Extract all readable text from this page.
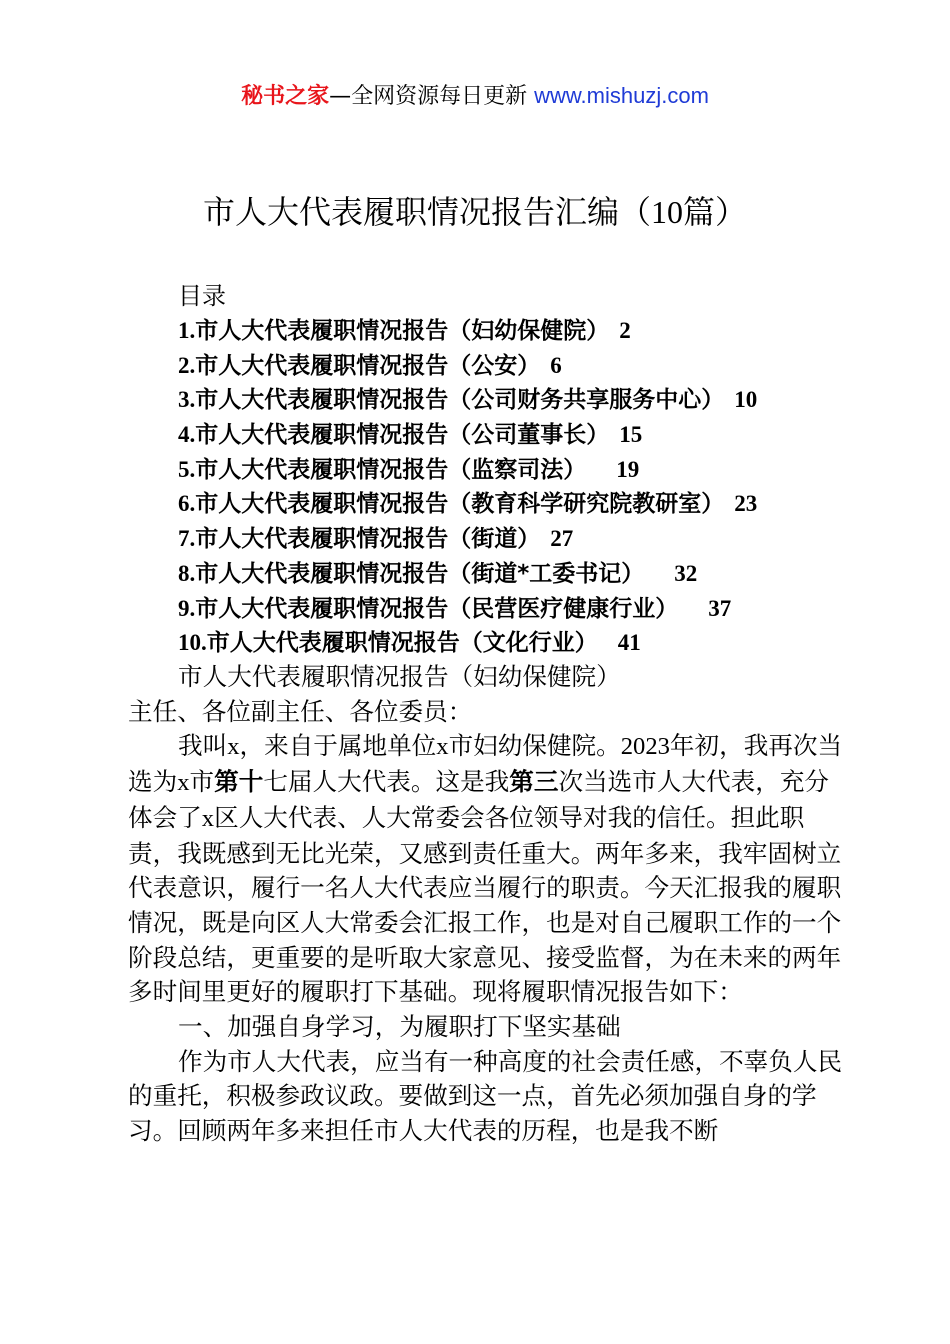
秘书之家—全网资源每日更新 www.mishuzj.com
市人大代表履职情况报告汇编（10篇）
目录
1.市人大代表履职情况报告（妇幼保健院） 2
2.市人大代表履职情况报告（公安） 6
3.市人大代表履职情况报告（公司财务共享服务中心） 10
4.市人大代表履职情况报告（公司董事长） 15
5.市人大代表履职情况报告（监察司法） 19
6.市人大代表履职情况报告（教育科学研究院教研室） 23
7.市人大代表履职情况报告（街道） 27
8.市人大代表履职情况报告（街道*工委书记） 32
9.市人大代表履职情况报告（民营医疗健康行业） 37
10.市人大代表履职情况报告（文化行业） 41

市人大代表履职情况报告（妇幼保健院）

主任、各位副主任、各位委员：

我叫x，来自于属地单位x市妇幼保健院。2023年初，我再次当选为x市第十七届人大代表。这是我第三次当选市人大代表，充分体会了x区人大代表、人大常委会各位领导对我的信任。担此职责，我既感到无比光荣，又感到责任重大。两年多来，我牢固树立代表意识，履行一名人大代表应当履行的职责。今天汇报我的履职情况，既是向区人大常委会汇报工作，也是对自己履职工作的一个阶段总结，更重要的是听取大家意见、接受监督，为在未来的两年多时间里更好的履职打下基础。现将履职情况报告如下：

一、加强自身学习，为履职打下坚实基础

作为市人大代表，应当有一种高度的社会责任感，不辜负人民的重托，积极参政议政。要做到这一点，首先必须加强自身的学习。回顾两年多来担任市人大代表的历程，也是我不断
